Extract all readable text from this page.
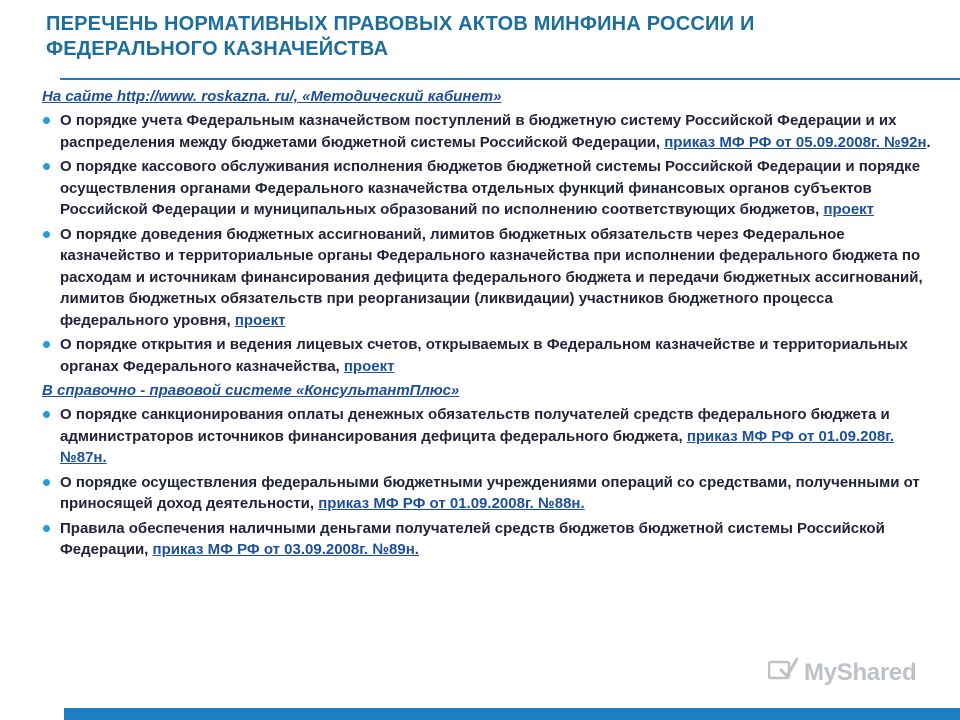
ПЕРЕЧЕНЬ НОРМАТИВНЫХ ПРАВОВЫХ АКТОВ МИНФИНА РОССИИ И ФЕДЕРАЛЬНОГО КАЗНАЧЕЙСТВА
На сайте http://www. roskazna. ru/, «Методический кабинет»
О порядке учета Федеральным казначейством поступлений в бюджетную систему Российской Федерации и их распределения между бюджетами бюджетной системы Российской Федерации, приказ МФ РФ от 05.09.2008г. №92н.
О порядке кассового обслуживания исполнения бюджетов бюджетной системы Российской Федерации и порядке осуществления органами Федерального казначейства отдельных функций финансовых органов субъектов Российской Федерации и муниципальных образований по исполнению соответствующих бюджетов, проект
О порядке доведения бюджетных ассигнований, лимитов бюджетных обязательств через Федеральное казначейство и территориальные органы Федерального казначейства при исполнении федерального бюджета по расходам и источникам финансирования дефицита федерального бюджета и передачи бюджетных ассигнований, лимитов бюджетных обязательств при реорганизации (ликвидации) участников бюджетного процесса федерального уровня, проект
О порядке открытия и ведения лицевых счетов, открываемых в Федеральном казначействе и территориальных органах Федерального казначейства, проект
В справочно - правовой системе «КонсультантПлюс»
О порядке санкционирования оплаты денежных обязательств получателей средств федерального бюджета и администраторов источников финансирования дефицита федерального бюджета, приказ МФ РФ от 01.09.208г. №87н.
О порядке осуществления федеральными бюджетными учреждениями операций со средствами, полученными от приносящей доход деятельности, приказ МФ РФ от 01.09.2008г. №88н.
Правила обеспечения наличными деньгами получателей средств бюджетов бюджетной системы Российской Федерации, приказ МФ РФ от 03.09.2008г. №89н.
MyShared
